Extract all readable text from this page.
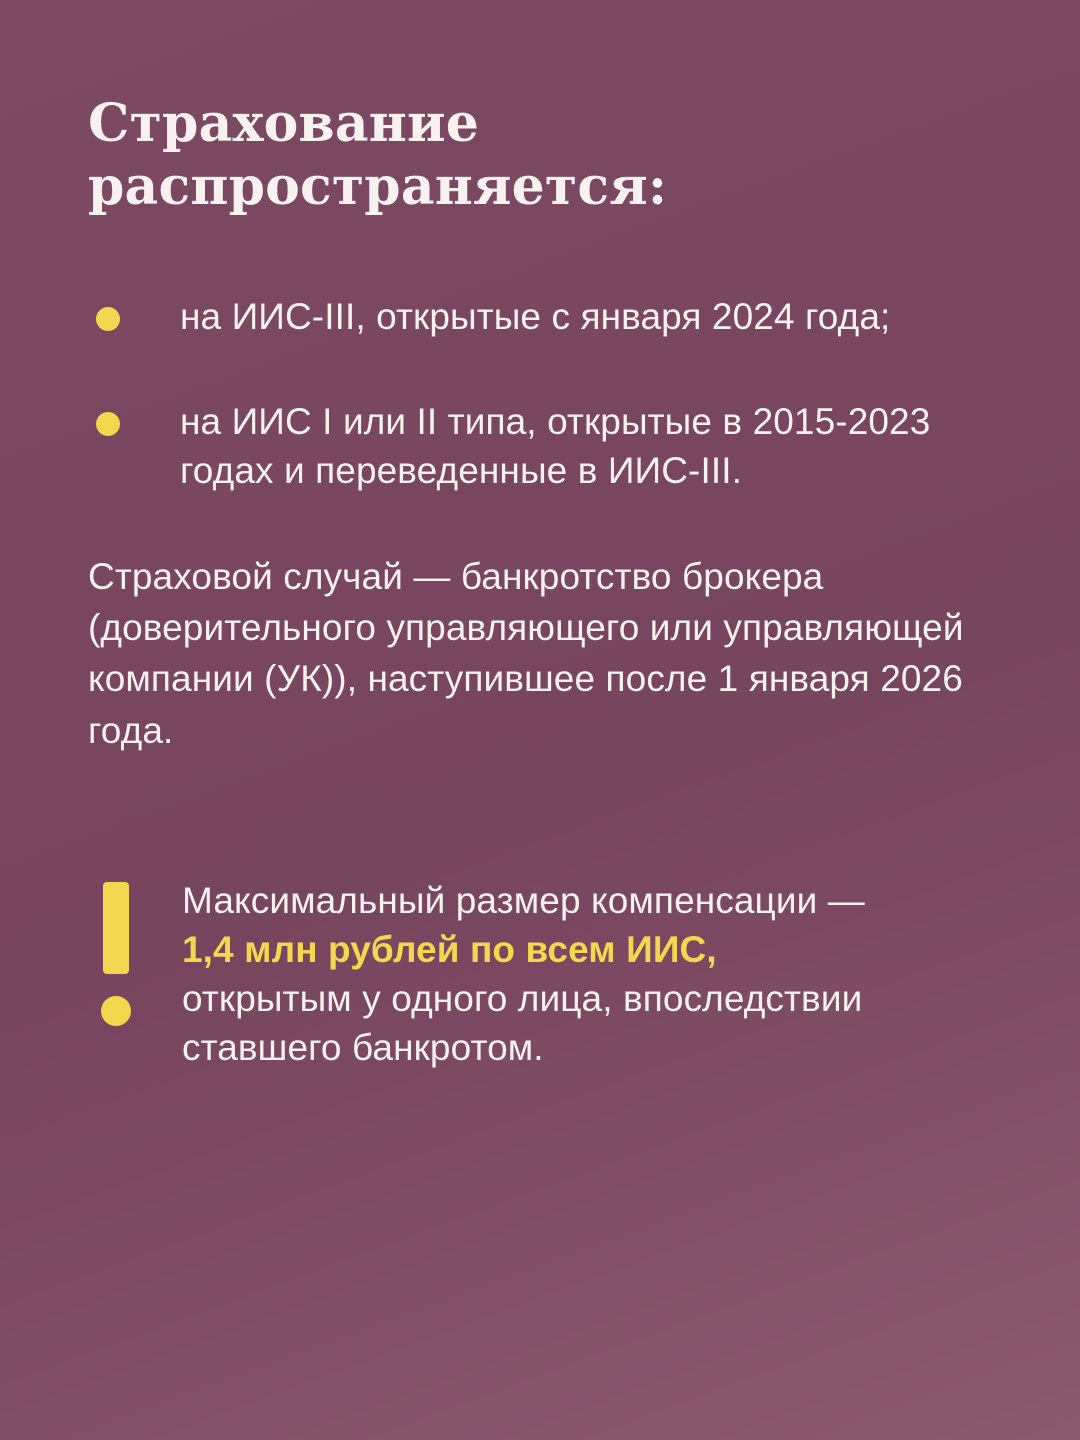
Страхование распространяется:
на ИИС-III, открытые с января 2024 года;
на ИИС I или II типа, открытые в 2015-2023 годах и переведенные в ИИС-III.

Страховой случай — банкротство брокера (доверительного управляющего или управляющей компании (УК)), наступившее после 1 января 2026 года.

Максимальный размер компенсации —
1,4 млн рублей по всем ИИС,
открытым у одного лица, впоследствии ставшего банкротом.
